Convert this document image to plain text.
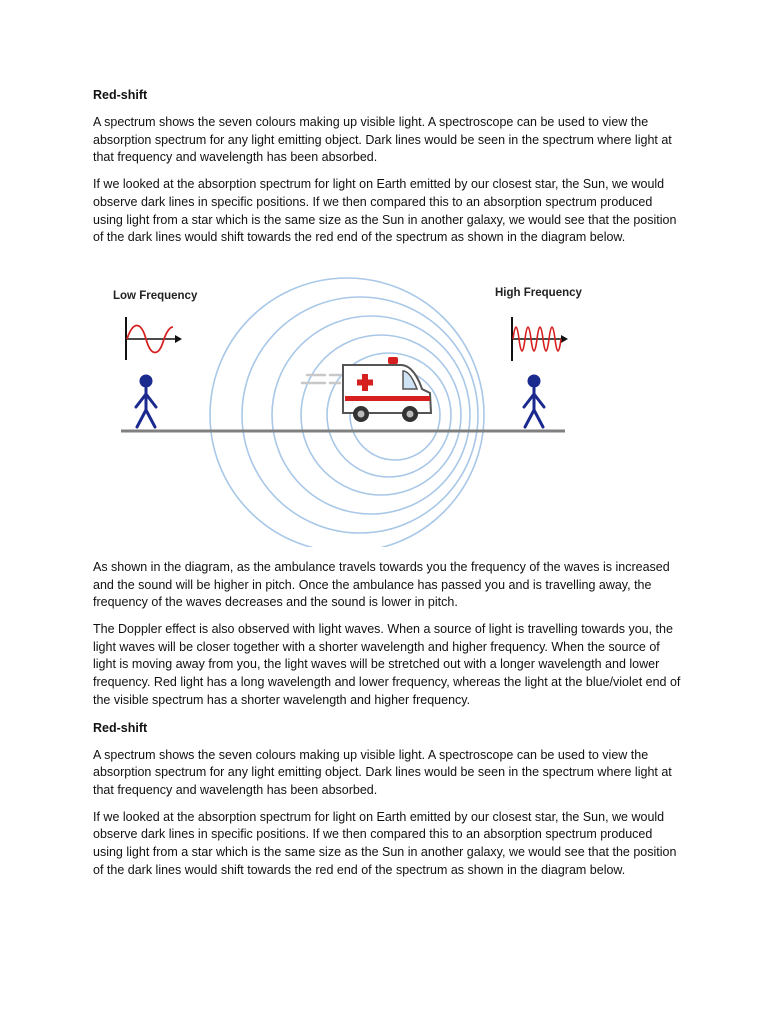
Red-shift

A spectrum shows the seven colours making up visible light. A spectroscope can be used to view the absorption spectrum for any light emitting object. Dark lines would be seen in the spectrum where light at that frequency and wavelength has been absorbed.

If we looked at the absorption spectrum for light on Earth emitted by our closest star, the Sun, we would observe dark lines in specific positions. If we then compared this to an absorption spectrum produced using light from a star which is the same size as the Sun in another galaxy, we would see that the position of the dark lines would shift towards the red end of the spectrum as shown in the diagram below.

Low Frequency	High Frequency

As shown in the diagram, as the ambulance travels towards you the frequency of the waves is increased and the sound will be higher in pitch. Once the ambulance has passed you and is travelling away, the frequency of the waves decreases and the sound is lower in pitch.

The Doppler effect is also observed with light waves. When a source of light is travelling towards you, the light waves will be closer together with a shorter wavelength and higher frequency. When the source of light is moving away from you, the light waves will be stretched out with a longer wavelength and lower frequency. Red light has a long wavelength and lower frequency, whereas the light at the blue/violet end of the visible spectrum has a shorter wavelength and higher frequency.

Red-shift

A spectrum shows the seven colours making up visible light. A spectroscope can be used to view the absorption spectrum for any light emitting object. Dark lines would be seen in the spectrum where light at that frequency and wavelength has been absorbed.

If we looked at the absorption spectrum for light on Earth emitted by our closest star, the Sun, we would observe dark lines in specific positions. If we then compared this to an absorption spectrum produced using light from a star which is the same size as the Sun in another galaxy, we would see that the position of the dark lines would shift towards the red end of the spectrum as shown in the diagram below.
